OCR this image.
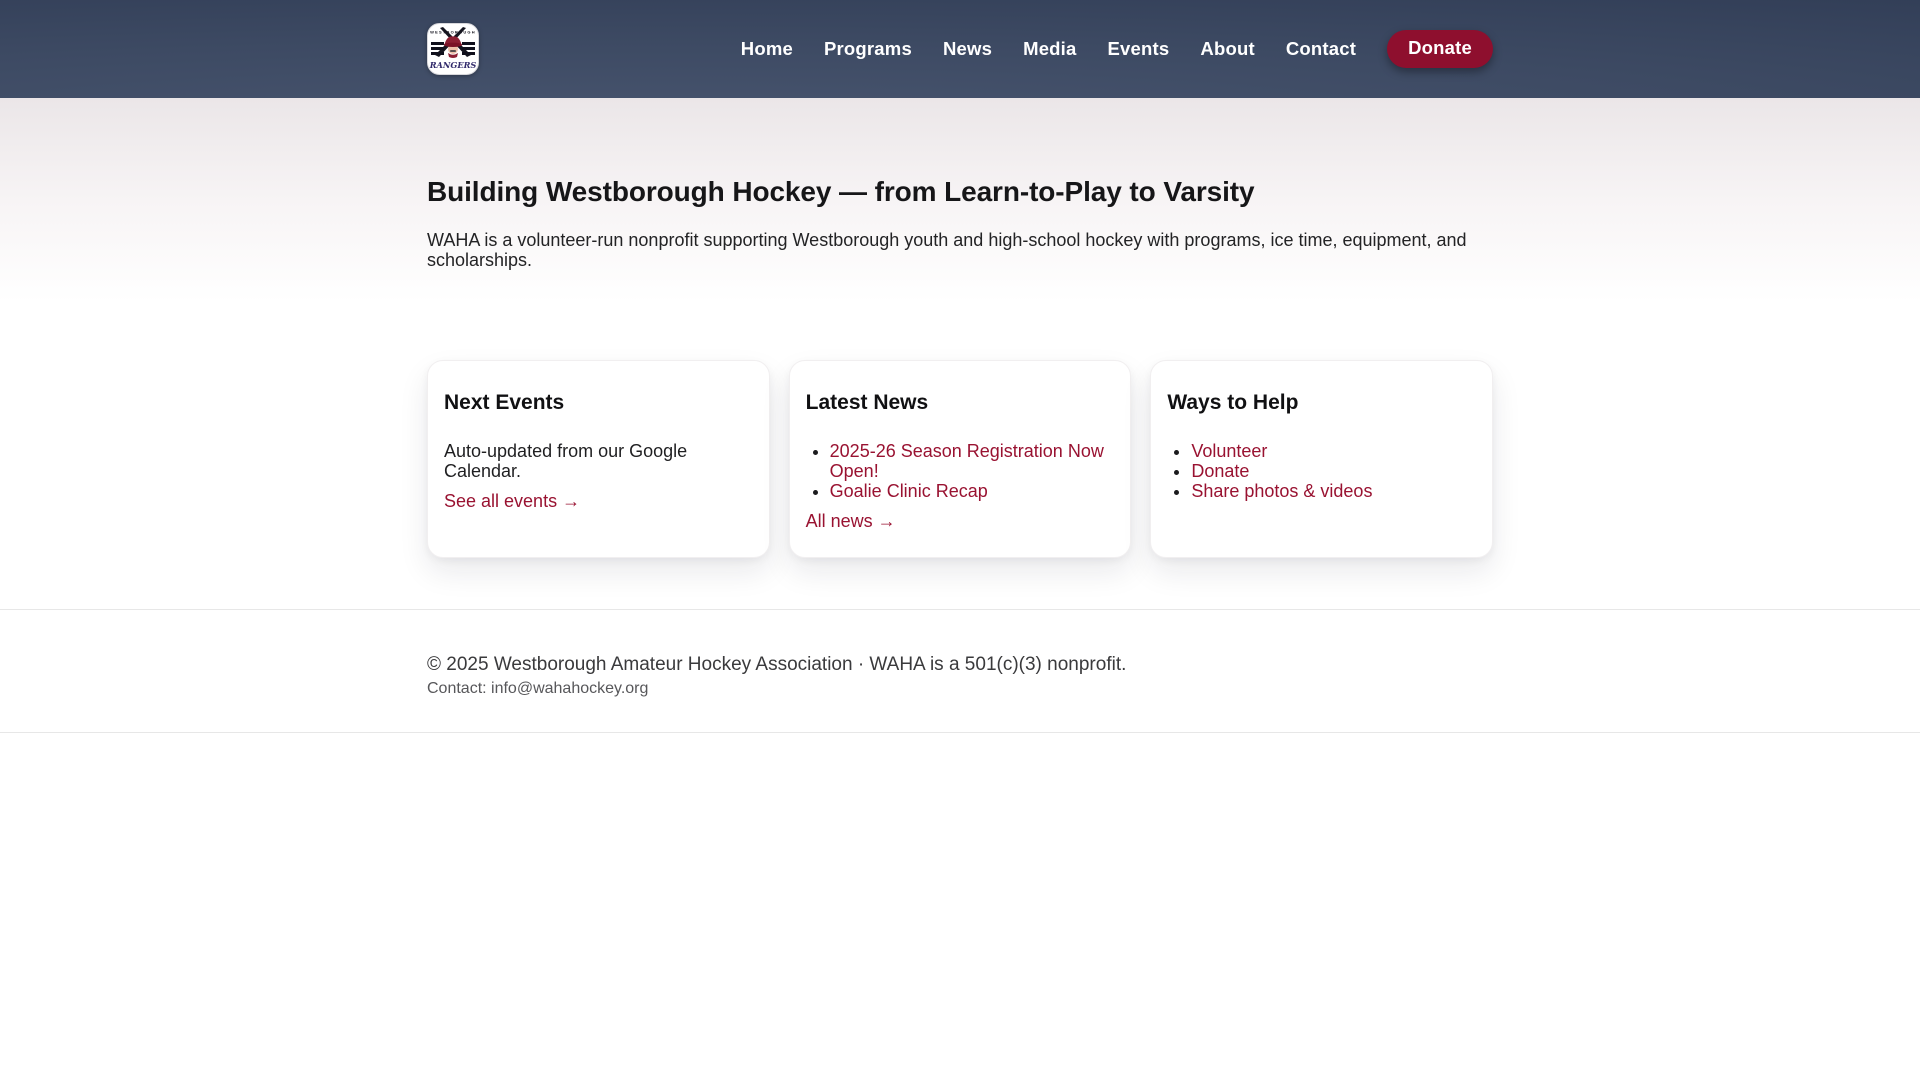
WESTBOROUGH
RANGERS
Home Programs News Media Events About Contact	Donate
Building Westborough Hockey — from Learn-to-Play to Varsity

WAHA is a volunteer-run nonprofit supporting Westborough youth and high-school hockey with programs, ice time, equipment, and scholarships.

Next Events

Auto-updated from our Google Calendar.

See all events →
Latest News
• 2025-26 Season Registration Now Open!
• Goalie Clinic Recap
All news →
Ways to Help
• Volunteer
• Donate
• Share photos & videos

© 2025 Westborough Amateur Hockey Association · WAHA is a 501(c)(3) nonprofit.

Contact: info@wahahockey.org
